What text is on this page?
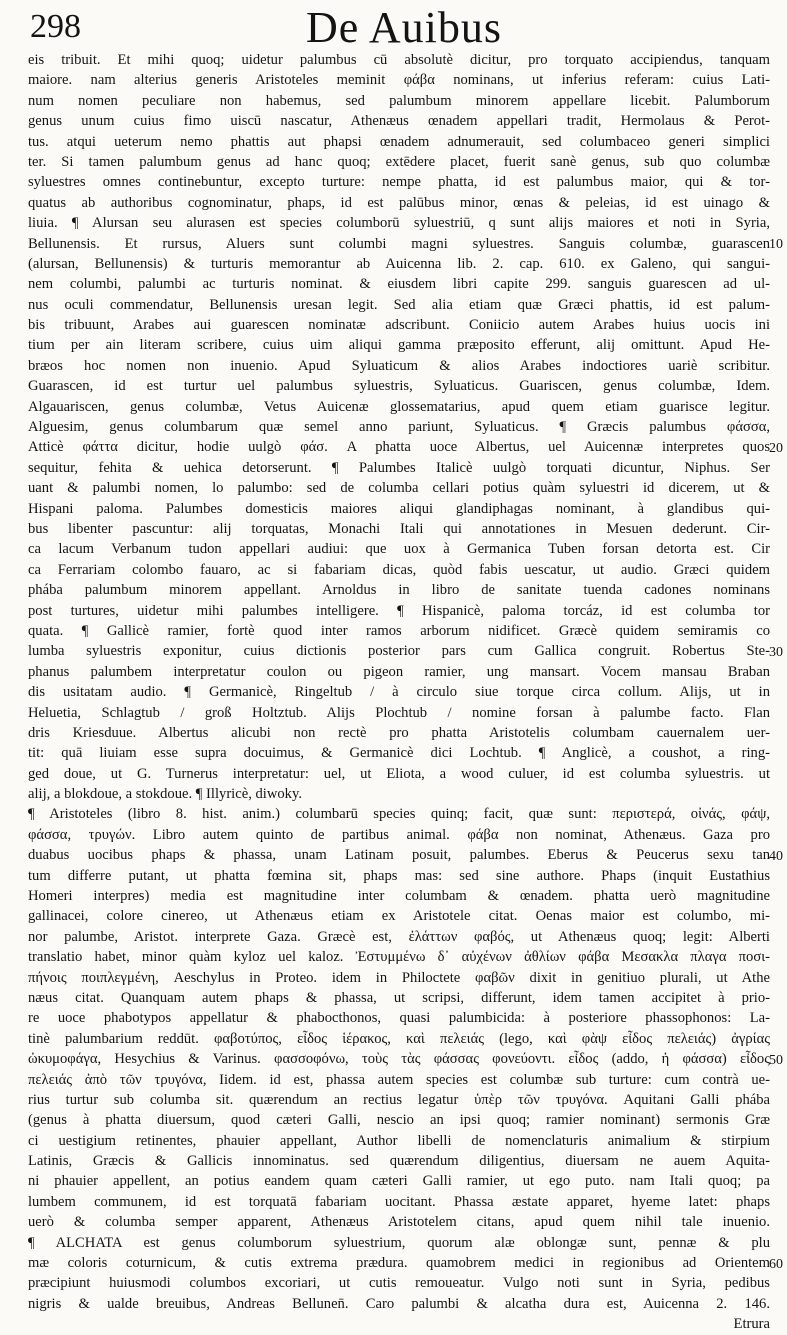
298	De Auibus
eis tribuit. Et mihi quoq; uidetur palumbus cū absolutè dicitur, pro torquato accipiendus, tanquam
maiore. nam alterius generis Aristoteles meminit φάβα nominans, ut inferius referam: cuius Lati-
num nomen peculiare non habemus, sed palumbum minorem appellare licebit. Palumborum
genus unum cuius fimo uiscū nascatur, Athenæus œnadem appellari tradit, Hermolaus & Perot-
tus. atqui ueterum nemo phattis aut phapsi œnadem adnumerauit, sed columbaceo generi simplici
ter. Si tamen palumbum genus ad hanc quoq; extēdere placet, fuerit sanè genus, sub quo columbæ
syluestres omnes continebuntur, excepto turture: nempe phatta, id est palumbus maior, qui & tor-
quatus ab authoribus cognominatur, phaps, id est palūbus minor, œnas & peleias, id est uinago &
liuia. ¶ Alursan seu alurasen est species columborū syluestriū, q sunt alijs maiores et noti in Syria,
Bellunensis. Et rursus, Aluers sunt columbi magni syluestres. Sanguis columbæ, guarascen
(alursan, Bellunensis) & turturis memorantur ab Auicenna lib. 2. cap. 610. ex Galeno, qui sangui-
nem columbi, palumbi ac turturis nominat. & eiusdem libri capite 299. sanguis guarescen ad ul-
nus oculi commendatur, Bellunensis uresan legit. Sed alia etiam quæ Græci phattis, id est palum-
bis tribuunt, Arabes aui guarescen nominatæ adscribunt. Coniicio autem Arabes huius uocis ini
tium per ain literam scribere, cuius uim aliqui gamma præposito efferunt, alij omittunt. Apud He-
bræos hoc nomen non inuenio. Apud Syluaticum & alios Arabes indoctiores uariè scribitur.
Guarascen, id est turtur uel palumbus syluestris, Syluaticus. Guariscen, genus columbæ, Idem.
Algauariscen, genus columbæ, Vetus Auicenæ glossematarius, apud quem etiam guarisce legitur.
Alguesim, genus columbarum quæ semel anno pariunt, Syluaticus. ¶ Græcis palumbus φάσσα,
Atticè φάττα dicitur, hodie uulgò φάσ. A phatta uoce Albertus, uel Auicennæ interpretes quos
sequitur, fehita & uehica detorserunt. ¶ Palumbes Italicè uulgò torquati dicuntur, Niphus. Ser
uant & palumbi nomen, lo palumbo: sed de columba cellari potius quàm syluestri id dicerem, ut &
Hispani paloma. Palumbes domesticis maiores aliqui glandiphagas nominant, à glandibus qui-
bus libenter pascuntur: alij torquatas, Monachi Itali qui annotationes in Mesuen dederunt. Cir-
ca lacum Verbanum tudon appellari audiui: que uox à Germanica Tuben forsan detorta est. Cir
ca Ferrariam colombo fauaro, ac si fabariam dicas, quòd fabis uescatur, ut audio. Græci quidem
phába palumbum minorem appellant. Arnoldus in libro de sanitate tuenda cadones nominans
post turtures, uidetur mihi palumbes intelligere. ¶ Hispanicè, paloma torcáz, id est columba tor
quata. ¶ Gallicè ramier, fortè quod inter ramos arborum nidificet. Græcè quidem semiramis co
lumba syluestris exponitur, cuius dictionis posterior pars cum Gallica congruit. Robertus Ste-
phanus palumbem interpretatur coulon ou pigeon ramier, ung mansart. Vocem mansau Braban
dis usitatam audio. ¶ Germanicè, Ringeltub / à circulo siue torque circa collum. Alijs, ut in
Heluetia, Schlagtub / groß Holtztub. Alijs Plochtub / nomine forsan à palumbe facto. Flan
dris Kriesduue. Albertus alicubi non rectè pro phatta Aristotelis columbam cauernalem uer-
tit: quā liuiam esse supra docuimus, & Germanicè dici Lochtub. ¶ Anglicè, a coushot, a ring-
ged doue, ut G. Turnerus interpretatur: uel, ut Eliota, a wood culuer, id est columba syluestris. ut
alij, a blokdoue, a stokdoue. ¶ Illyricè, diwoky.
¶ Aristoteles (libro 8. hist. anim.) columbarū species quinq; facit, quæ sunt: περιστερά, οἰνάς, φάψ,
φάσσα, τρυγών. Libro autem quinto de partibus animal. φάβα non nominat, Athenæus. Gaza pro
duabus uocibus phaps & phassa, unam Latinam posuit, palumbes. Eberus & Peucerus sexu tan
tum differre putant, ut phatta fœmina sit, phaps mas: sed sine authore. Phaps (inquit Eustathius
Homeri interpres) media est magnitudine inter columbam & œnadem. phatta uerò magnitudine
gallinacei, colore cinereo, ut Athenæus etiam ex Aristotele citat. Oenas maior est columbo, mi-
nor palumbe, Aristot. interprete Gaza. Græcè est, ἐλάττων φαβός, ut Athenæus quoq; legit: Alberti
translatio habet, minor quàm kyloz uel kaloz. Ἐστυμμένω δ᾽ αὐχένων ἀθλίων φάβα Μεσακλα πλαγα ποσι-
πήνοις ποιπλεγμένη, Aeschylus in Proteo. idem in Philoctete φαβῶν dixit in genitiuo plurali, ut Athe
næus citat. Quanquam autem phaps & phassa, ut scripsi, differunt, idem tamen accipitet à prio-
re uoce phabotypos appellatur & phabocthonos, quasi palumbicida: à posteriore phassophonos: La-
tinè palumbarium reddūt. φαβοτύπος, εἶδος ἱέρακος, καὶ πελειάς (lego, καὶ φὰψ εἶδος πελειάς) ἀγρίας
ὠκυμοφάγα, Hesychius & Varinus. φασσοφόνω, τοὺς τὰς φάσσας φονεύοντι. εἶδος (addo, ἡ φάσσα) εἶδος
πελειάς ἀπὸ τῶν τρυγόνα, Iidem. id est, phassa autem species est columbæ sub turture: cum contrà ue-
rius turtur sub columba sit. quærendum an rectius legatur ὑπὲρ τῶν τρυγόνα. Aquitani Galli phába
(genus à phatta diuersum, quod cæteri Galli, nescio an ipsi quoq; ramier nominant) sermonis Græ
ci uestigium retinentes, phauier appellant, Author libelli de nomenclaturis animalium & stirpium
Latinis, Græcis & Gallicis innominatus. sed quærendum diligentius, diuersam ne auem Aquita-
ni phauier appellent, an potius eandem quam cæteri Galli ramier, ut ego puto. nam Itali quoq; pa
lumbem communem, id est torquatā fabariam uocitant. Phassa æstate apparet, hyeme latet: phaps
uerò & columba semper apparent, Athenæus Aristotelem citans, apud quem nihil tale inuenio.
¶ ALCHATA est genus columborum syluestrium, quorum alæ oblongæ sunt, pennæ & plu
mæ coloris coturnicum, & cutis extrema prædura. quamobrem medici in regionibus ad Orientem
præcipiunt huiusmodi columbos excoriari, ut cutis remoueatur. Vulgo noti sunt in Syria, pedibus
nigris & ualde breuibus, Andreas Bellunen̄. Caro palumbi & alcatha dura est, Auicenna 2. 146.
Etrura
10
20
30
40
50
60
